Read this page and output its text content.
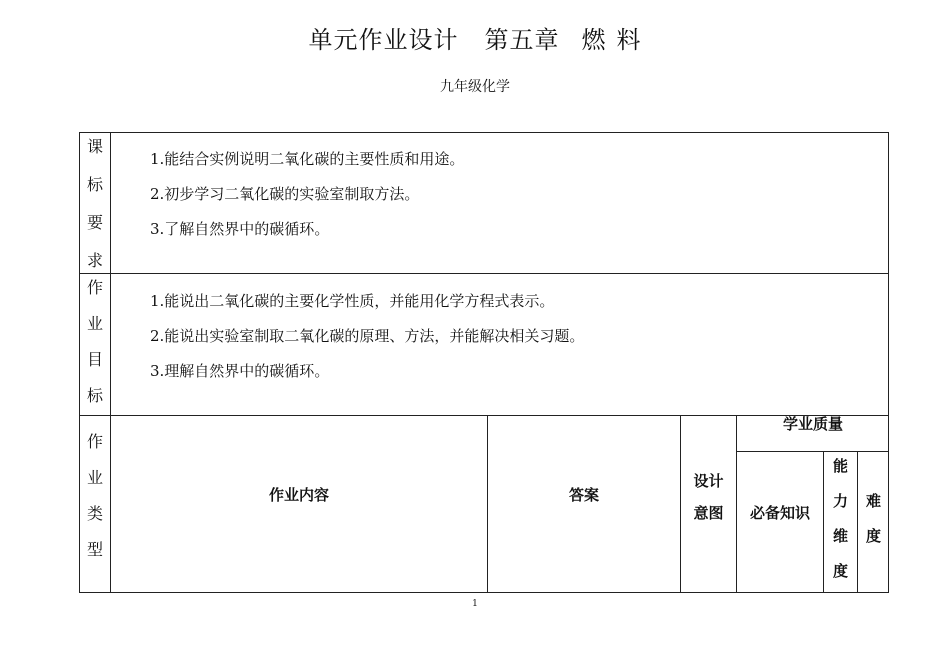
单元作业设计 第五章 燃 料
九年级化学
课
标
要
求
1.能结合实例说明二氧化碳的主要性质和用途。
2.初步学习二氧化碳的实验室制取方法。
3.了解自然界中的碳循环。
作
业
目
标
1.能说出二氧化碳的主要化学性质，并能用化学方程式表示。
2.能说出实验室制取二氧化碳的原理、方法，并能解决相关习题。
3.理解自然界中的碳循环。
作
业
类
型
作业内容	答案
设计
意图
学业质量
必备知识
能
力
维
度
难
度
1
